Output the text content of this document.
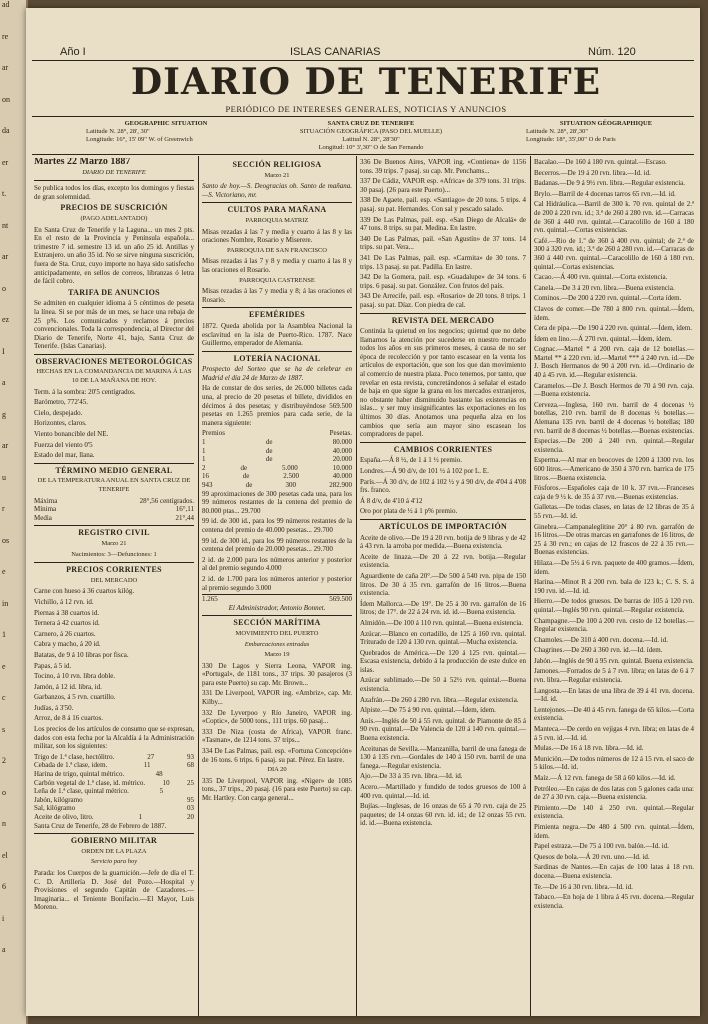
ad

re

ar

on

da

er

t.

nt

ar

o

ez

I

a

g

ar

u

r

os

e

in

1

e

c

s

2

o

n

el

6

i

a

Año I	ISLAS CANARIAS	Núm. 120
DIARIO DE TENERIFE
PERIÓDICO DE INTERESES GENERALES, NOTICIAS Y ANUNCIOS
GEOGRAPHIC SITUATION
Latitude N. 28°, 28', 30"
Longitude: 16°, 15' 09" W. of Greenwich
SANTA CRUZ DE TENERIFE
SITUACIÓN GEOGRÁFICA (PASO DEL MUELLE)
Latitud N. 28°, 28'30"
Longitud: 10° 3',30" O de San Fernando
SITUATION GÉOGRAPHIQUE
Latitude N. 28°, 28',30"
Longitude: 18°, 35',00" O de Paris
Martes 22 Marzo 1887
DIARIO DE TENERIFE

Se publica todos los días, excepto los domingos y fiestas de gran solemnidad.

PRECIOS DE SUSCRICIÓN
(PAGO ADELANTADO)

En Santa Cruz de Tenerife y la Laguna... un mes 2 pts. En el resto de la Provincia y Península española... trimestre 7 id. semestre 13 id. un año 25 id. Antillas y Extranjero. un año 35 id. No se sirve ninguna suscrición, fuera de Sta. Cruz, cuyo importe no haya sido satisfecho anticipadamente, en sellos de correos, libranzas ó letra de fácil cobro.

TARIFA DE ANUNCIOS

Se admiten en cualquier idioma á 5 céntimos de peseta la línea. Si se por más de un mes, se hace una rebaja de 25 p%. Los comunicados y reclamos á precios convencionales. Toda la correspondencia, al Director del Diario de Tenerife, Norte 41, bajo, Santa Cruz de Tenerife. (Islas Canarias).

OBSERVACIONES METEOROLÓGICAS
HECHAS EN LA COMANDANCIA DE MARINA Á LAS 10 DE LA MAÑANA DE HOY.

Term. á la sombra: 20'5 centígrados.

Barómetro, 772'45.

Cielo, despejado.

Horizontes, claros.

Viento bonancible del NE.

Fuerza del viento 0'5

Estado del mar, llana.

TÉRMINO MEDIO GENERAL
DE LA TEMPERATURA ANUAL EN SANTA CRUZ DE TENERIFE
Máxima	28°,56 centígrados.
Mínima	16°,11
Media	21°,44
REGISTRO CIVIL
Marzo 21
Nacimientos: 3—Defunciones: 1
PRECIOS CORRIENTES
DEL MERCADO

Carne con hueso á 36 cuartos kilóg.

Vichillo, á 12 rvn. id.

Piernas á 38 cuartos id.

Ternera á 42 cuartos id.

Carnero, á 26 cuartos.

Cabra y macho, á 20 id.

Batatas, de 9 á 10 libras por fisca.

Papas, á 5 id.

Tocino, á 10 rvn. libra doble.

Jamón, á 12 id. libra, id.

Garbanzos, á 5 rvn. cuartillo.

Judías, á 3'50.

Arroz, de 8 á 16 cuartos.

Los precios de los artículos de consumo que se expresan, dados con esta fecha por la Alcaldía á la Administración militar, son los siguientes:

Trigo de 1.ª clase, hectólitro.	27	93
Cebada de 1.ª clase, idem.	11	68
Harina de trigo, quintal métrico.	48
Carbón vegetal de 1.ª clase, id. métrico. 10 25
Leña de 1.ª clase, quintal métrico.	5
Jabón, kilógramo	95
Sal, kilógramo	03
Aceite de olivo, litro.	1	20

Santa Cruz de Tenerife, 28 de Febrero de 1887.

GOBIERNO MILITAR
ORDEN DE LA PLAZA
Servicio para hoy

Parada: los Cuerpos de la guarnición.—Jefe de día el T. C. D. Artillería D. José del Pozo.—Hospital y Provisiones el segundo Capitán de Cazadores.—Imaginaria... el Teniente Bonifacio.—El Mayor, Luis Moreno.

SECCIÓN RELIGIOSA
Marzo 21

Santo de hoy.—S. Deogracias ob. Santo de mañana.—S. Victoriano, mr.

CULTOS PARA MAÑANA
PARROQUIA MATRIZ

Misas rezadas á las 7 y media y cuarto á las 8 y las oraciones Nombre, Rosario y Miserere.

PARROQUIA DE SAN FRANCISCO

Misas rezadas á las 7 y 8 y media y cuarto á las 8 y las oraciones el Rosario.

PARROQUIA CASTRENSE

Misas rezadas á las 7 y media y 8; á las oraciones el Rosario.

EFEMÉRIDES

1872. Queda abolida por la Asamblea Nacional la esclavitud en la isla de Puerto-Rico. 1787. Nace Guillermo, emperador de Alemania.

LOTERÍA NACIONAL

Prospecto del Sorteo que se ha de celebrar en Madrid el día 24 de Marzo de 1887.

Ha de constar de dos series, de 26.000 billetes cada una, al precio de 20 pesetas el billete, divididos en décimos á dos pesetas; y distribuyéndose 569.500 pesetas en 1.265 premios para cada serie, de la manera siguiente:

Premios	Pesetas.
1	de	80.000
1	de	40.000
1	de	20.000
2	de	5.000	10.000
16	de	2.500	40.000
943	de	300	282.900

99 aproximaciones de 300 pesetas cada una, para los 99 números restantes de la centena del premio de 80.000 ptas... 29.700

99 id. de 300 id., para los 99 números restantes de la centena del premio de 40.000 pesetas... 29.700

99 id. de 300 id., para los 99 números restantes de la centena del premio de 20.000 pesetas... 29.700

2 id. de 2.000 para los números anterior y posterior al del premio segundo 4.000

2 id. de 1.700 para los números anterior y posterior al premio segundo 3.000

1.265	569.500

El Administrador, Antonio Bonnet.

SECCIÓN MARÍTIMA
MOVIMIENTO DEL PUERTO
Embarcaciones entradas
Marzo 19

330 De Lagos y Sierra Leona, VAPOR ing. «Portugal», de 1181 tons., 37 trips. 30 pasajeros (3 para este Puerto) su cap. Mr. Brown...

331 De Liverpool, VAPOR ing. «Ambriz», cap. Mr. Kilby...

332 De Lyverpoo y Río Janeiro, VAPOR ing. «Coptic», de 5000 tons., 111 trips. 60 pasaj...

333 De Niza (costa de Africa), VAPOR franc. «Tasman», de 1214 tons. 37 trips...

334 De Las Palmas, pail. esp. «Fortuna Concepción» de 16 tons. 6 trips. 6 pasaj. su pat. Pérez. En lastre.

DIA 20

335 De Liverpool, VAPOR ing. «Niger» de 1085 tons., 37 trips., 20 pasaj. (16 para este Puerto) su cap. Mr. Hartley. Con carga general...

336 De Buenos Aires, VAPOR ing. «Contiena» de 1156 tons. 39 trips. 7 pasaj. su cap. Mr. Penchams...

337 De Cádiz, VAPOR esp. «Africa» de 379 tons. 31 trips. 30 pasaj. (26 para este Puerto)...

338 De Agaete, pail. esp. «Santiago» de 20 tons. 5 trips. 4 pasaj. su pat. Hernandes. Con sal y pescado salado.

339 De Las Palmas, pail. esp. «San Diego de Alcalá» de 47 tons. 8 trips. su pat. Medina. En lastre.

340 De Las Palmas, pail. «San Agustín» de 37 tons. 14 trips. su pat. Vera...

341 De Las Palmas, pail. esp. «Carmita» de 30 tons. 7 trips. 13 pasaj. su pat. Padilla. En lastre.

342 De la Gomera, pail. esp. «Guadalupe» de 34 tons. 6 trips. 6 pasaj. su pat. González. Con frutos del país.

343 De Arrecife, pail. esp. «Rosario» de 20 tons. 8 trips. 1 pasaj. su pat. Díaz. Con piedra de cal.

REVISTA DEL MERCADO

Continúa la quietud en los negocios; quietud que no debe llamarnos la atención por sucederse en nuestro mercado todos los años en sus primeros meses, á causa de no ser época de recolección y por tanto escasear en la venta los artículos de exportación, que son los que dan movimiento al comercio de nuestra plaza. Poco tenemos, por tanto, que revelar en esta revista, concretándonos á señalar el estado de baja en que sigue la grana en los mercados extranjeros, no obstante haber disminuido bastante las existencias en islas... y ser muy insignificantes las exportaciones en los últimos 30 días. Anotamos una pequeña alza en los cambios que sería aun mayor sino escasean los compradores de papel.

CAMBIOS CORRIENTES

España.—Á 8 ½, de 1 á 1 ½ premio.

Londres.—Á 90 d/v, de 101 ½ á 102 por L. E.

París.—Á 30 d/v, de 102 á 102 ½ y á 90 d/v, de 4'04 á 4'08 frs. franco.

Á 8 d/v, de 4'10 á 4'12

Oro por plata de ½ á 1 p% premio.

ARTÍCULOS DE IMPORTACIÓN

Aceite de olivo.—De 19 á 20 rvn. botija de 9 libras y de 42 á 43 rvn. la arroba por medida.—Buena existencia.

Aceite de linaza.—De 20 á 22 rvn. botija.—Regular existencia.

Aguardiente de caña 20°.—De 500 á 540 rvn. pipa de 150 litros. De 30 á 35 rvn. garrafón de 16 litros.—Buena existencia.

Ídem Mallorca.—De 19°. De 25 á 30 rvn. garrafón de 16 litros; de 17°. de 22 á 24 rvn. id. id.—Buena existencia.

Almidón.—De 100 á 110 rvn. quintal.—Buena existencia.

Azúcar.—Blanco en cortadillo, de 125 á 160 rvn. quintal. Triturado de 120 á 130 rvn. quintal.—Mucha existencia.

Quebrados de América.—De 120 á 125 rvn. quintal.—Escasa existencia, debido á la producción de este dulce en islas.

Azúcar sublimado.—De 50 á 52½ rvn. quintal.—Buena existencia.

Azafrán.—De 260 á 280 rvn. libra.—Regular existencia.

Alpiste.—De 75 á 90 rvn. quintal.—Ídem, ídem.

Anís.—Inglés de 50 á 55 rvn. quintal. de Piamonte de 85 á 90 rvn. quintal.—De Valencia de 120 á 140 rvn. quintal.—Buena existencia.

Aceitunas de Sevilla.—Manzanilla, barril de una fanega de 130 á 135 rvn.—Gordales de 140 á 150 rvn. barril de una fanega.—Regular existencia.

Ajo.—De 33 á 35 rvn. libra.—Id. id.

Acero.—Martillado y fundido de todos gruesos de 100 á 400 rvn. quintal.—Id. id.

Bujías.—Inglesas, de 16 onzas de 65 á 70 rvn. caja de 25 paquetes; de 14 onzas 60 rvn. id. id.; de 12 onzas 55 rvn. id. id.—Buena existencia.

Bacalao.—De 160 á 180 rvn. quintal.—Escaso.

Becerros.—De 19 á 20 rvn. libra.—Id. id.

Badanas.—De 9 á 9½ rvn. libra.—Regular existencia.

Brylo.—Barril de 4 docenas tarros 65 rvn.—Id. id.

Cal Hidráulica.—Barril de 300 k. 70 rvn. quintal de 2.ª de 200 á 220 rvn. id.; 3.ª de 260 á 280 rvn. id.—Carracas de 360 á 440 rvn. quintal.—Caracolillo de 160 á 180 rvn. quintal.—Cortas existencias.

Café.—Rio de 1.º de 360 á 400 rvn. quintal; de 2.ª de 300 á 320 rvn. id.; 3.ª de 260 á 280 rvn. id.—Carracas de 360 á 440 rvn. quintal.—Caracolillo de 160 á 180 rvn. quintal.—Cortas existencias.

Cacao.—Á 400 rvn. quintal.—Corta existencia.

Canela.—De 3 á 20 rvn. libra.—Buena existencia.

Cominos.—De 200 á 220 rvn. quintal.—Corta ídem.

Clavos de comer.—De 780 á 800 rvn. quintal.—Ídem, ídem.

Cera de pipa.—De 190 á 220 rvn. quintal.—Ídem, ídem.

Ídem en lino.—Á 270 rvn. quintal.—Ídem, ídem.

Cognac.—Martel * á 200 rvn. caja de 12 botellas.—Martel ** á 220 rvn. id.—Martel *** á 240 rvn. id.—De J. Bosch Hermanos de 90 á 200 rvn. id.—Ordinario de 40 á 45 rvn. id.—Regular existencia.

Caramelos.—De J. Bosch Hermos de 70 á 90 rvn. caja.—Buena existencia.

Cerveza.—Inglesa, 160 rvn. barril de 4 docenas ½ botellas, 210 rvn. barril de 8 docenas ½ botellas.—Alemana 135 rvn. barril de 4 docenas ½ botellas; 180 rvn. barril de 8 docenas ½ botellas.—Buenas existencias.

Especias.—De 200 á 240 rvn. quintal.—Regular existencia.

Esperma.—Al mar en beocoves de 1200 á 1300 rvn. los 600 litros.—Americano de 350 á 370 rvn. barrica de 175 litros.—Buena existencia.

Fósforos.—Españoles caja de 10 k. 37 rvn.—Franceses caja de 9 ½ k. de 35 á 37 rvn.—Buenas existencias.

Galletas.—De todas clases, en latas de 12 libras de 35 á 55 rvn.—Id. id.

Ginebra.—Campanaleglitine 20° á 80 rvn. garrafón de 16 litros.—De otras marcas en garrafones de 16 litros, de 25 á 30 rvn.; en cajas de 12 frascos de 22 á 35 rvn.—Buenas existencias.

Hilaza.—De 5½ á 6 rvn. paquete de 400 gramos.—Ídem, ídem.

Harina.—Minot R á 200 rvn. bala de 123 k.; C. S. S. á 190 rvn. id.—Id. id.

Hierro.—De todos gruesos. De barras de 105 á 120 rvn. quintal.—Inglés 90 rvn. quintal.—Regular existencia.

Champagne.—De 100 á 200 rvn. cesto de 12 botellas.—Regular existencia.

Chamoles.—De 310 á 400 rvn. docena.—Id. id.

Chagrines.—De 260 á 360 rvn. id.—Id. ídem.

Jabón.—Inglés de 90 á 95 rvn. quintal. Buena existencia.

Jamones.—Forrados de 5 á 7 rvn. libra; en latas de 6 á 7 rvn. libra.—Regular existencia.

Langosta.—En latas de una libra de 39 á 41 rvn. docena.—Id. id.

Lentejones.—De 40 á 45 rvn. fanega de 65 kilos.—Corta existencia.

Manteca.—De cerdo en vejigas 4 rvn. libra; en latas de 4 á 5 rvn. id.—Id. id.

Mulas.—De 16 á 18 rvn. libra.—Id. id.

Munición.—De todos números de 12 á 15 rvn. el saco de 5 kilos.—Id. id.

Maíz.—Á 12 rvn. fanega de 58 á 60 kilos.—Id. id.

Petróleo.—En cajas de dos latas con 5 galones cada una: de 27 á 30 rvn. caja.—Buena existencia.

Pimiento.—De 140 á 250 rvn. quintal.—Regular existencia.

Pimienta negra.—De 480 á 500 rvn. quintal.—Ídem, ídem.

Papel estraza.—De 75 á 100 rvn. balón.—Id. id.

Quesos de bola.—Á 20 rvn. uno.—Id. id.

Sardinas de Nantes.—En cajas de 100 latas á 18 rvn. docena.—Buena existencia.

Te.—De 16 á 30 rvn. libra.—Id. id.

Tabaco.—En hoja de 1 libra á 45 rvn. docena.—Regular existencia.
